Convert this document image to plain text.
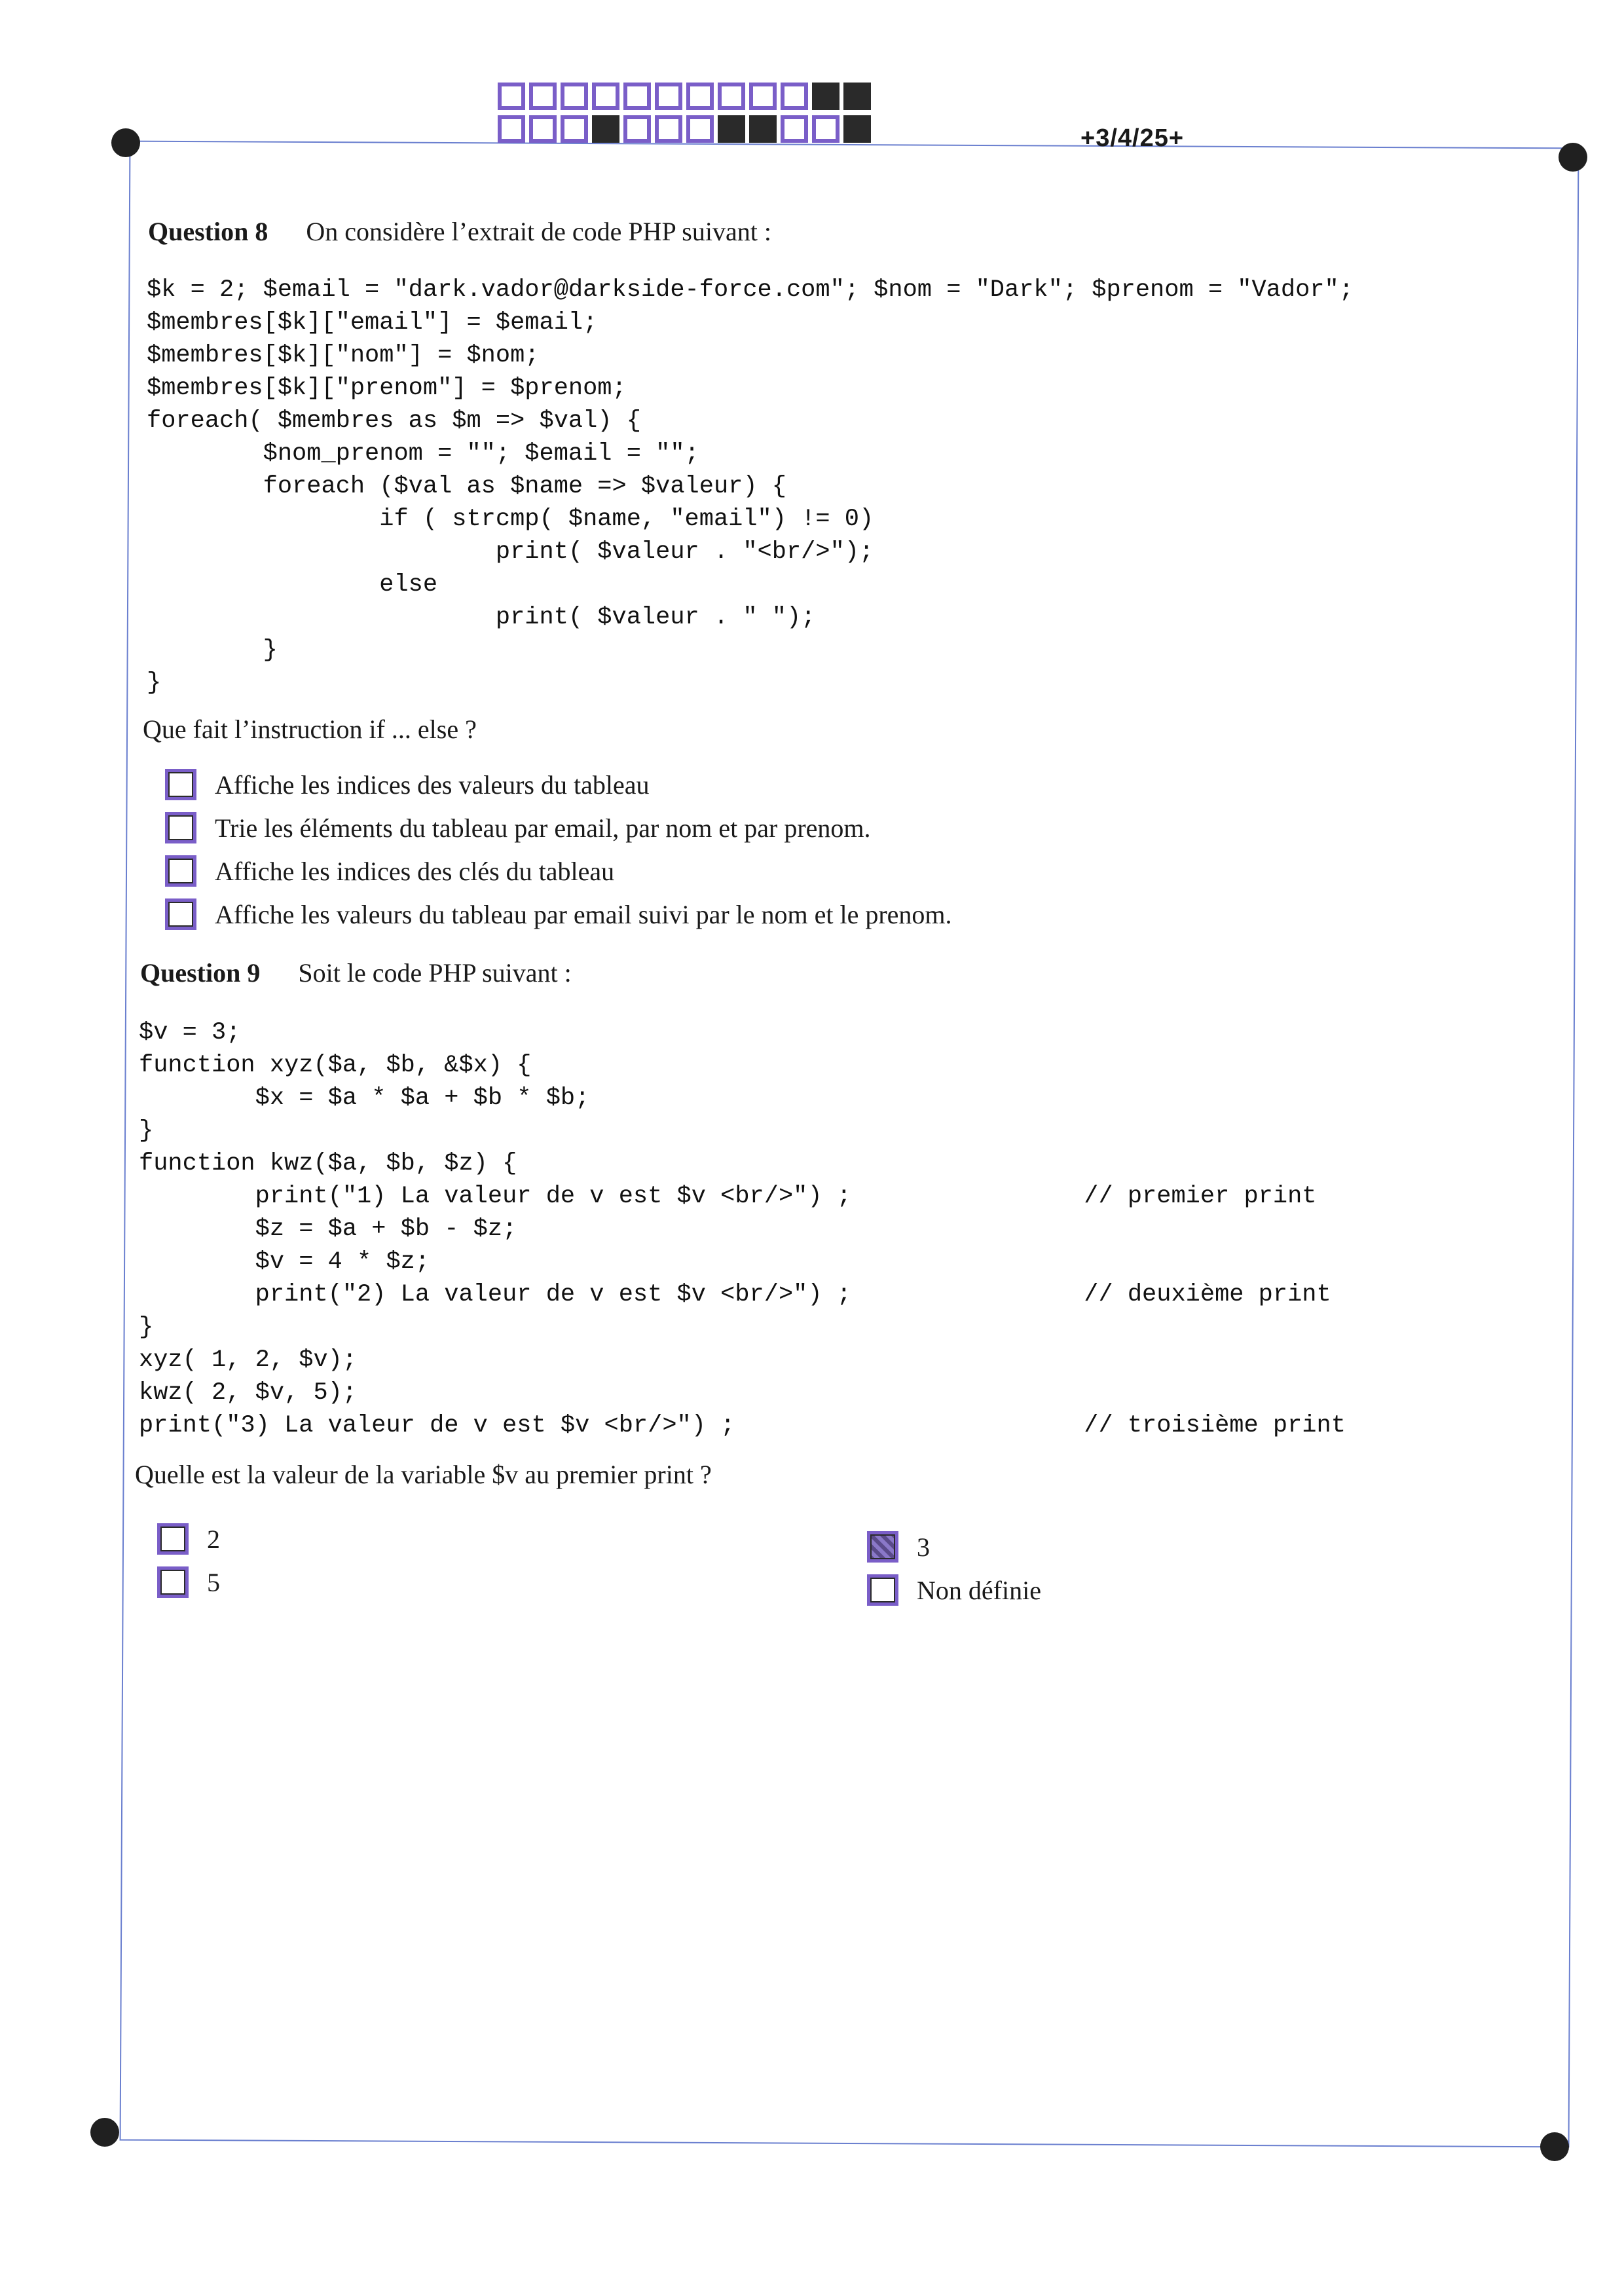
+3/4/25+
Question 8 On considère l’extrait de code PHP suivant :
$k = 2; $email = "dark.vador@darkside-force.com"; $nom = "Dark"; $prenom = "Vador";
$membres[$k]["email"] = $email;
$membres[$k]["nom"] = $nom;
$membres[$k]["prenom"] = $prenom;
foreach( $membres as $m => $val) {
$nom_prenom = ""; $email = "";
foreach ($val as $name => $valeur) {
if ( strcmp( $name, "email") != 0)
print( $valeur . "<br/>");
else
print( $valeur . " ");
}
}
Que fait l’instruction if ... else ?
Affiche les indices des valeurs du tableau
Trie les éléments du tableau par email, par nom et par prenom.
Affiche les indices des clés du tableau
Affiche les valeurs du tableau par email suivi par le nom et le prenom.
Question 9 Soit le code PHP suivant :
$v = 3;
function xyz($a, $b, &$x) {
$x = $a * $a + $b * $b;
}
function kwz($a, $b, $z) {
print("1) La valeur de v est $v <br/>") ;                // premier print
$z = $a + $b - $z;
$v = 4 * $z;
print("2) La valeur de v est $v <br/>") ;                // deuxième print
}
xyz( 1, 2, $v);
kwz( 2, $v, 5);
print("3) La valeur de v est $v <br/>") ;                        // troisième print
Quelle est la valeur de la variable $v au premier print ?
2
5
3
Non définie
